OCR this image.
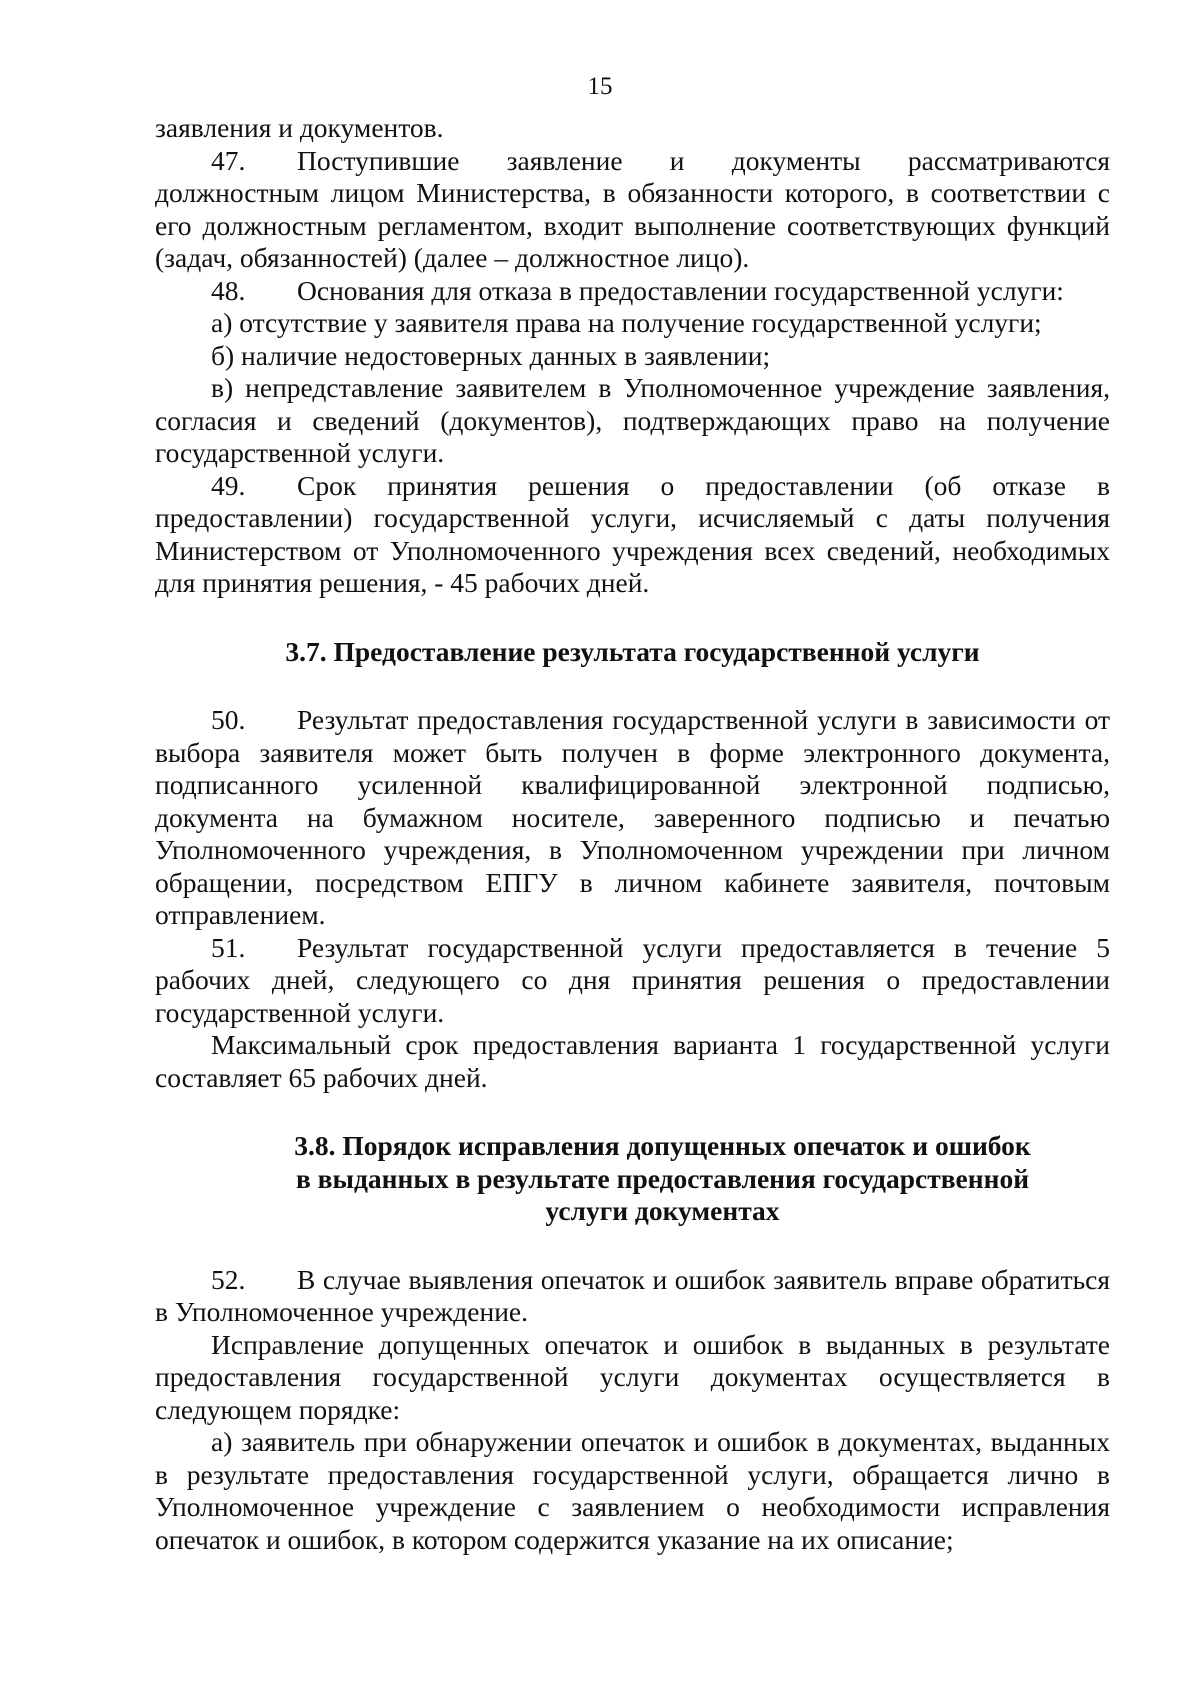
15

заявления и документов.

47. Поступившие заявление и документы рассматриваются должностным лицом Министерства, в обязанности которого, в соответствии с его должностным регламентом, входит выполнение соответствующих функций (задач, обязанностей) (далее – должностное лицо).

48. Основания для отказа в предоставлении государственной услуги:

а) отсутствие у заявителя права на получение государственной услуги;

б) наличие недостоверных данных в заявлении;

в) непредставление заявителем в Уполномоченное учреждение заявления, согласия и сведений (документов), подтверждающих право на получение государственной услуги.

49. Срок принятия решения о предоставлении (об отказе в предоставлении) государственной услуги, исчисляемый с даты получения Министерством от Уполномоченного учреждения всех сведений, необходимых для принятия решения, - 45 рабочих дней.

3.7. Предоставление результата государственной услуги

50. Результат предоставления государственной услуги в зависимости от выбора заявителя может быть получен в форме электронного документа, подписанного усиленной квалифицированной электронной подписью, документа на бумажном носителе, заверенного подписью и печатью Уполномоченного учреждения, в Уполномоченном учреждении при личном обращении, посредством ЕПГУ в личном кабинете заявителя, почтовым отправлением.

51. Результат государственной услуги предоставляется в течение 5 рабочих дней, следующего со дня принятия решения о предоставлении государственной услуги.

Максимальный срок предоставления варианта 1 государственной услуги составляет 65 рабочих дней.

3.8. Порядок исправления допущенных опечаток и ошибок
в выданных в результате предоставления государственной
услуги документах

52. В случае выявления опечаток и ошибок заявитель вправе обратиться в Уполномоченное учреждение.

Исправление допущенных опечаток и ошибок в выданных в результате предоставления государственной услуги документах осуществляется в следующем порядке:

а) заявитель при обнаружении опечаток и ошибок в документах, выданных в результате предоставления государственной услуги, обращается лично в Уполномоченное учреждение с заявлением о необходимости исправления опечаток и ошибок, в котором содержится указание на их описание;
